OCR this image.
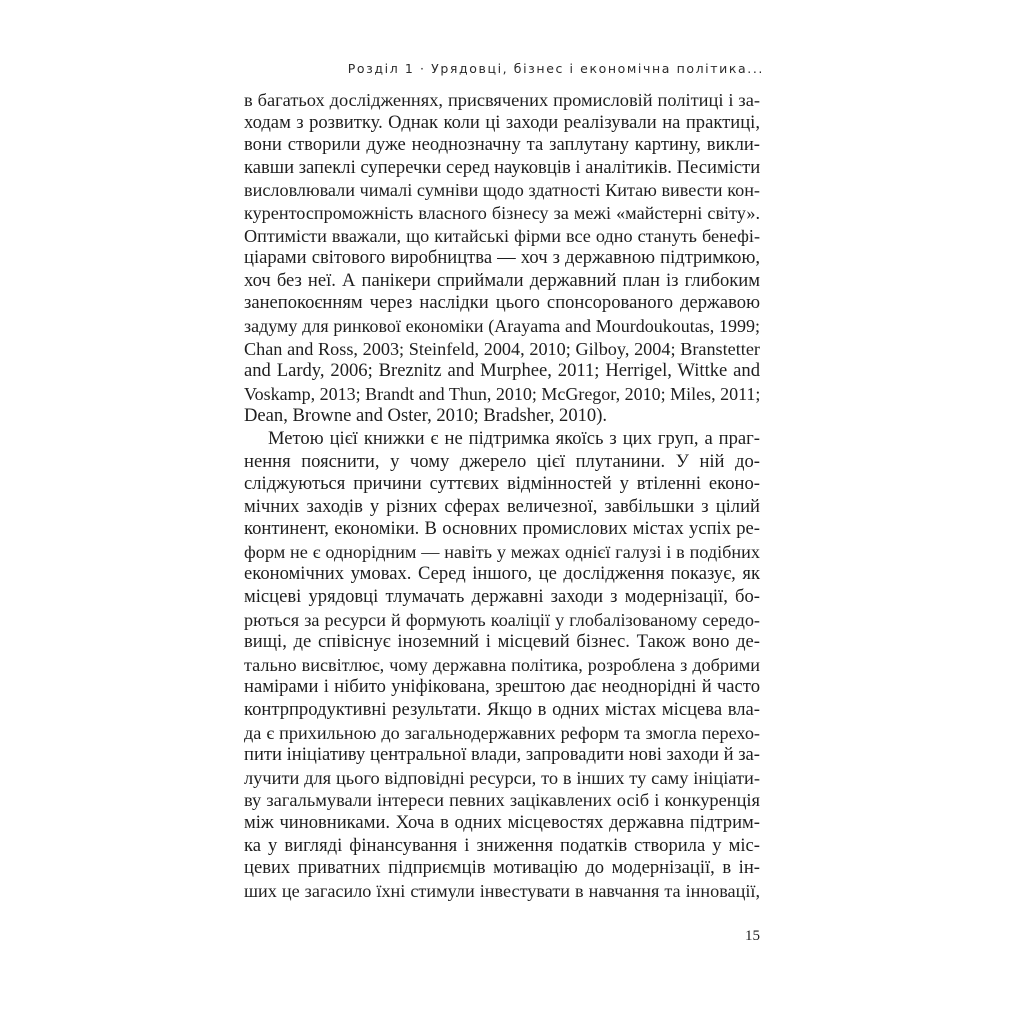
Розділ 1 · Урядовці, бізнес і економічна політика...
в багатьох дослідженнях, присвячених промисловій політиці і за-
ходам з розвитку. Однак коли ці заходи реалізували на практиці,
вони створили дуже неоднозначну та заплутану картину, викли-
кавши запеклі суперечки серед науковців і аналітиків. Песимісти
висловлювали чималі сумніви щодо здатності Китаю вивести кон-
курентоспроможність власного бізнесу за межі «майстерні світу».
Оптимісти вважали, що китайські фірми все одно стануть бенефі-
ціарами світового виробництва — хоч з державною підтримкою,
хоч без неї. А панікери сприймали державний план із глибоким
занепокоєнням через наслідки цього спонсорованого державою
задуму для ринкової економіки (Arayama and Mourdoukoutas, 1999;
Chan and Ross, 2003; Steinfeld, 2004, 2010; Gilboy, 2004; Branstetter
and Lardy, 2006; Breznitz and Murphee, 2011; Herrigel, Wittke and
Voskamp, 2013; Brandt and Thun, 2010; McGregor, 2010; Miles, 2011;
Dean, Browne and Oster, 2010; Bradsher, 2010).
Метою цієї книжки є не підтримка якоїсь з цих груп, а праг-
нення пояснити, у чому джерело цієї плутанини. У ній до-
сліджуються причини суттєвих відмінностей у втіленні еконо-
мічних заходів у різних сферах величезної, завбільшки з цілий
континент, економіки. В основних промислових містах успіх ре-
форм не є однорідним — навіть у межах однієї галузі і в подібних
економічних умовах. Серед іншого, це дослідження показує, як
місцеві урядовці тлумачать державні заходи з модернізації, бо-
рються за ресурси й формують коаліції у глобалізованому середо-
вищі, де співіснує іноземний і місцевий бізнес. Також воно де-
тально висвітлює, чому державна політика, розроблена з добрими
намірами і нібито уніфікована, зрештою дає неоднорідні й часто
контрпродуктивні результати. Якщо в одних містах місцева вла-
да є прихильною до загальнодержавних реформ та змогла перехо-
пити ініціативу центральної влади, запровадити нові заходи й за-
лучити для цього відповідні ресурси, то в інших ту саму ініціати-
ву загальмували інтереси певних зацікавлених осіб і конкуренція
між чиновниками. Хоча в одних місцевостях державна підтрим-
ка у вигляді фінансування і зниження податків створила у міс-
цевих приватних підприємців мотивацію до модернізації, в ін-
ших це загасило їхні стимули інвестувати в навчання та інновації,
15
